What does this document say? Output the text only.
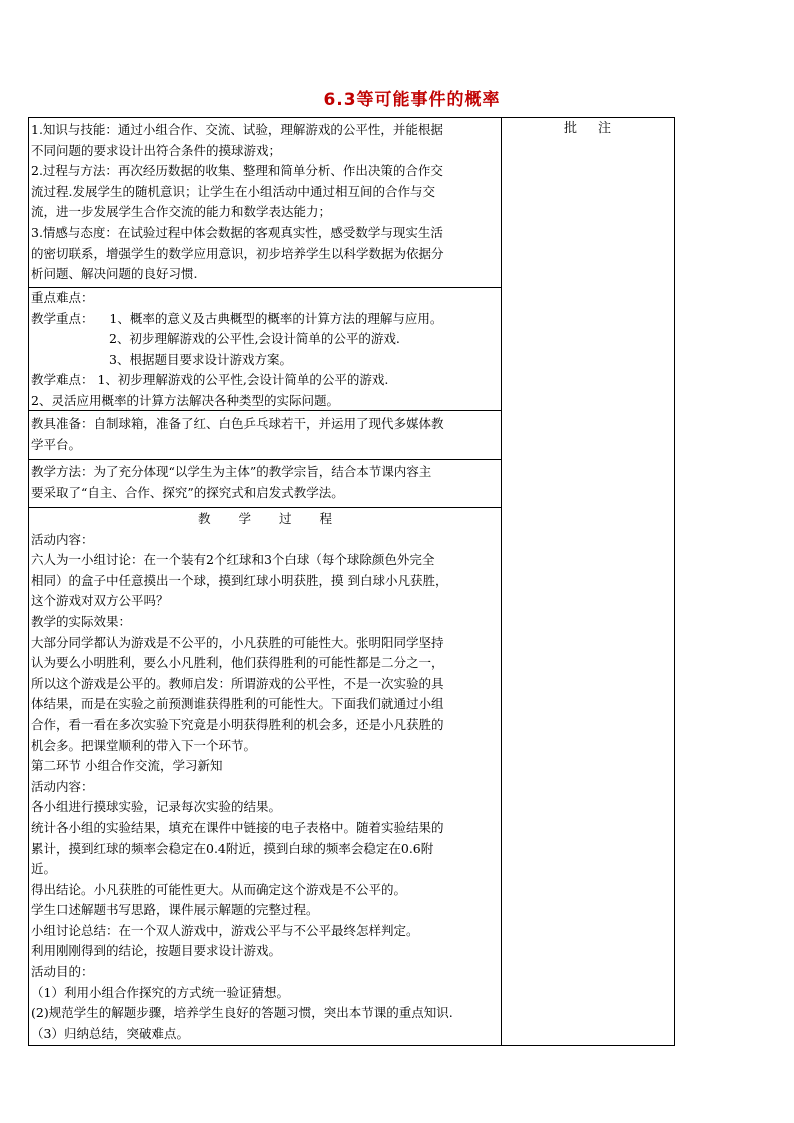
6.3等可能事件的概率
批 注

1.知识与技能：通过小组合作、交流、试验，理解游戏的公平性，并能根据

不同问题的要求设计出符合条件的摸球游戏；

2.过程与方法：再次经历数据的收集、整理和简单分析、作出决策的合作交

流过程.发展学生的随机意识；让学生在小组活动中通过相互间的合作与交

流，进一步发展学生合作交流的能力和数学表达能力；

3.情感与态度：在试验过程中体会数据的客观真实性，感受数学与现实生活

的密切联系，增强学生的数学应用意识，初步培养学生以科学数据为依据分

析问题、解决问题的良好习惯.

重点难点：

教学重点： 1、概率的意义及古典概型的概率的计算方法的理解与应用。

2、初步理解游戏的公平性,会设计简单的公平的游戏.

3、根据题目要求设计游戏方案。

教学难点： 1、初步理解游戏的公平性,会设计简单的公平的游戏.

2、灵活应用概率的计算方法解决各种类型的实际问题。

教具准备：自制球箱，准备了红、白色乒乓球若干，并运用了现代多媒体教

学平台。

教学方法：为了充分体现“以学生为主体”的教学宗旨，结合本节课内容主

要采取了“自主、合作、探究”的探究式和启发式教学法。

教 学 过 程

活动内容：

六人为一小组讨论：在一个装有2个红球和3个白球（每个球除颜色外完全

相同）的盒子中任意摸出一个球，摸到红球小明获胜，摸 到白球小凡获胜，

这个游戏对双方公平吗？

教学的实际效果：

大部分同学都认为游戏是不公平的，小凡获胜的可能性大。张明阳同学坚持

认为要么小明胜利，要么小凡胜利，他们获得胜利的可能性都是二分之一，

所以这个游戏是公平的。教师启发：所谓游戏的公平性，不是一次实验的具

体结果，而是在实验之前预测谁获得胜利的可能性大。下面我们就通过小组

合作，看一看在多次实验下究竟是小明获得胜利的机会多，还是小凡获胜的

机会多。把课堂顺利的带入下一个环节。

第二环节 小组合作交流，学习新知

活动内容：

各小组进行摸球实验，记录每次实验的结果。

统计各小组的实验结果，填充在课件中链接的电子表格中。随着实验结果的

累计，摸到红球的频率会稳定在0.4附近，摸到白球的频率会稳定在0.6附

近。

得出结论。小凡获胜的可能性更大。从而确定这个游戏是不公平的。

学生口述解题书写思路，课件展示解题的完整过程。

小组讨论总结：在一个双人游戏中，游戏公平与不公平最终怎样判定。

利用刚刚得到的结论，按题目要求设计游戏。

活动目的：

（1）利用小组合作探究的方式统一验证猜想。

(2)规范学生的解题步骤，培养学生良好的答题习惯，突出本节课的重点知识.

（3）归纳总结，突破难点。
